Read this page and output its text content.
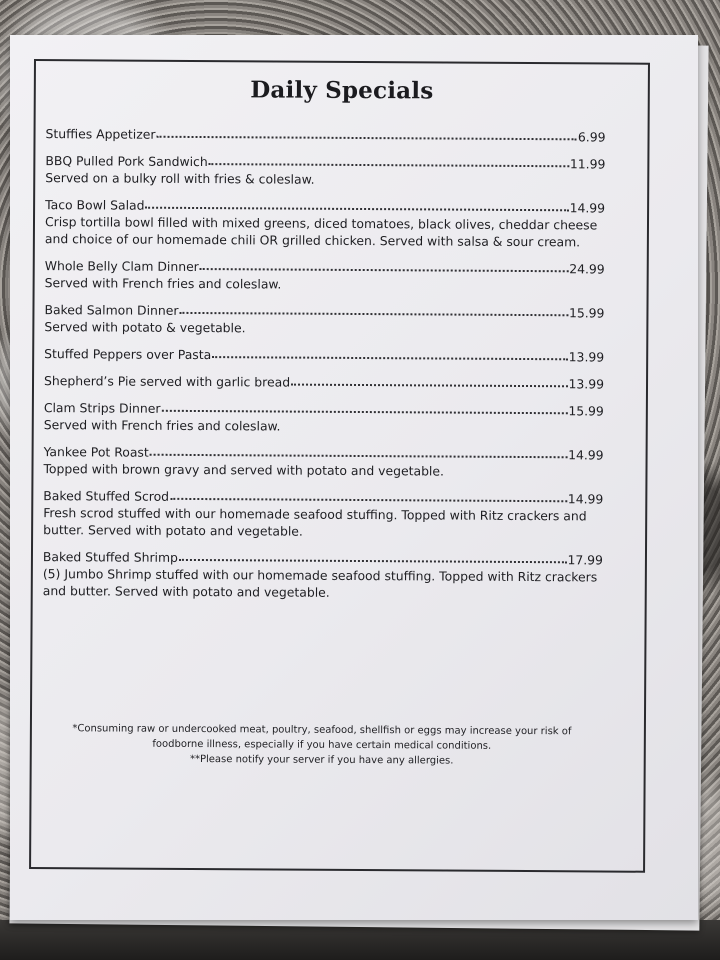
Daily Specials
Stuffies Appetizer	6.99
BBQ Pulled Pork Sandwich	11.99
Served on a bulky roll with fries & coleslaw.
Taco Bowl Salad	14.99
Crisp tortilla bowl filled with mixed greens, diced tomatoes, black olives, cheddar cheese and choice of our homemade chili OR grilled chicken. Served with salsa & sour cream.
Whole Belly Clam Dinner	24.99
Served with French fries and coleslaw.
Baked Salmon Dinner	15.99
Served with potato & vegetable.
Stuffed Peppers over Pasta	13.99
Shepherd’s Pie served with garlic bread	13.99
Clam Strips Dinner	15.99
Served with French fries and coleslaw.
Yankee Pot Roast	14.99
Topped with brown gravy and served with potato and vegetable.
Baked Stuffed Scrod	14.99
Fresh scrod stuffed with our homemade seafood stuffing. Topped with Ritz crackers and butter. Served with potato and vegetable.
Baked Stuffed Shrimp	17.99
(5) Jumbo Shrimp stuffed with our homemade seafood stuffing. Topped with Ritz crackers and butter. Served with potato and vegetable.
*Consuming raw or undercooked meat, poultry, seafood, shellfish or eggs may increase your risk of foodborne illness, especially if you have certain medical conditions.
**Please notify your server if you have any allergies.
